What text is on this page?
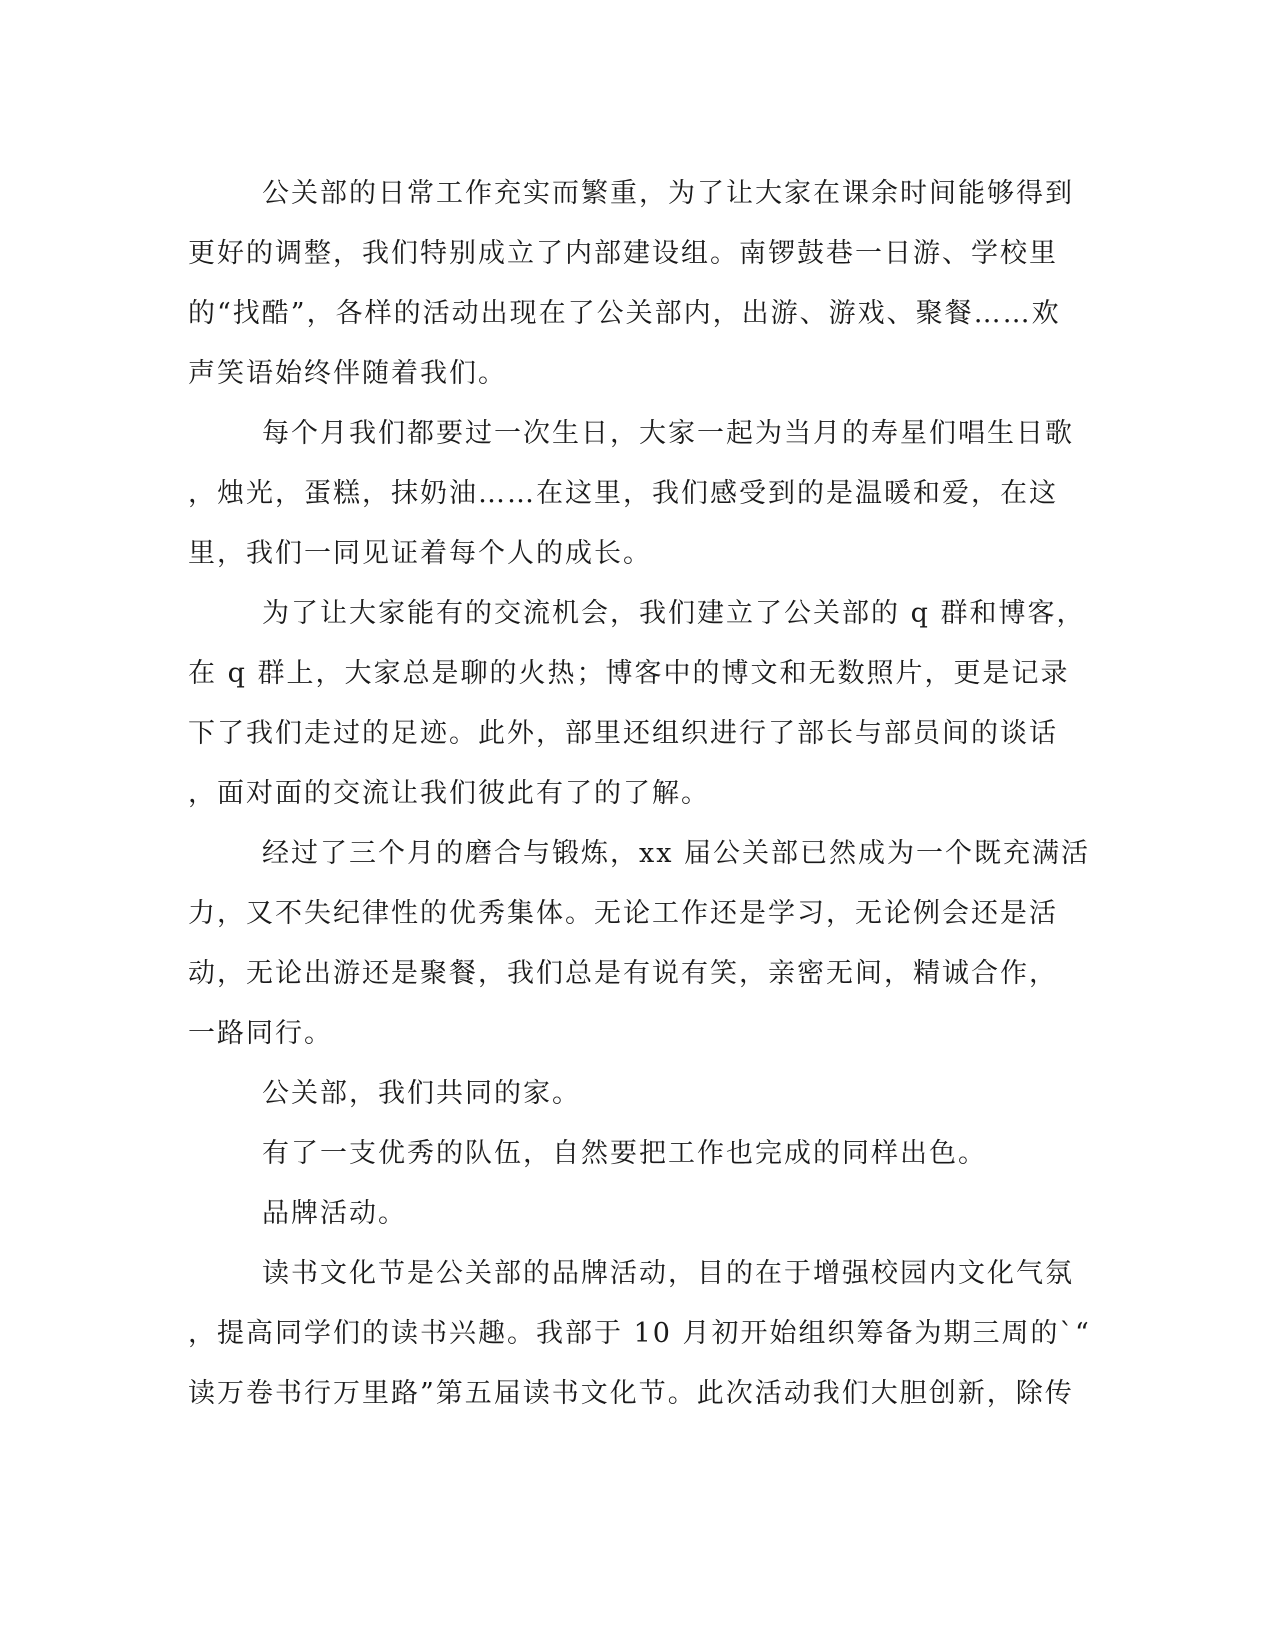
公关部的日常工作充实而繁重，为了让大家在课余时间能够得到
更好的调整，我们特别成立了内部建设组。南锣鼓巷一日游、学校里
的“找酷”，各样的活动出现在了公关部内，出游、游戏、聚餐……欢
声笑语始终伴随着我们。
每个月我们都要过一次生日，大家一起为当月的寿星们唱生日歌
，烛光，蛋糕，抹奶油……在这里，我们感受到的是温暖和爱，在这
里，我们一同见证着每个人的成长。
为了让大家能有的交流机会，我们建立了公关部的 q 群和博客，
在 q 群上，大家总是聊的火热；博客中的博文和无数照片，更是记录
下了我们走过的足迹。此外，部里还组织进行了部长与部员间的谈话
，面对面的交流让我们彼此有了的了解。
经过了三个月的磨合与锻炼，xx 届公关部已然成为一个既充满活
力，又不失纪律性的优秀集体。无论工作还是学习，无论例会还是活
动，无论出游还是聚餐，我们总是有说有笑，亲密无间，精诚合作，
一路同行。
公关部，我们共同的家。
有了一支优秀的队伍，自然要把工作也完成的同样出色。
品牌活动。
读书文化节是公关部的品牌活动，目的在于增强校园内文化气氛
，提高同学们的读书兴趣。我部于 10 月初开始组织筹备为期三周的`“
读万卷书行万里路”第五届读书文化节。此次活动我们大胆创新，除传
